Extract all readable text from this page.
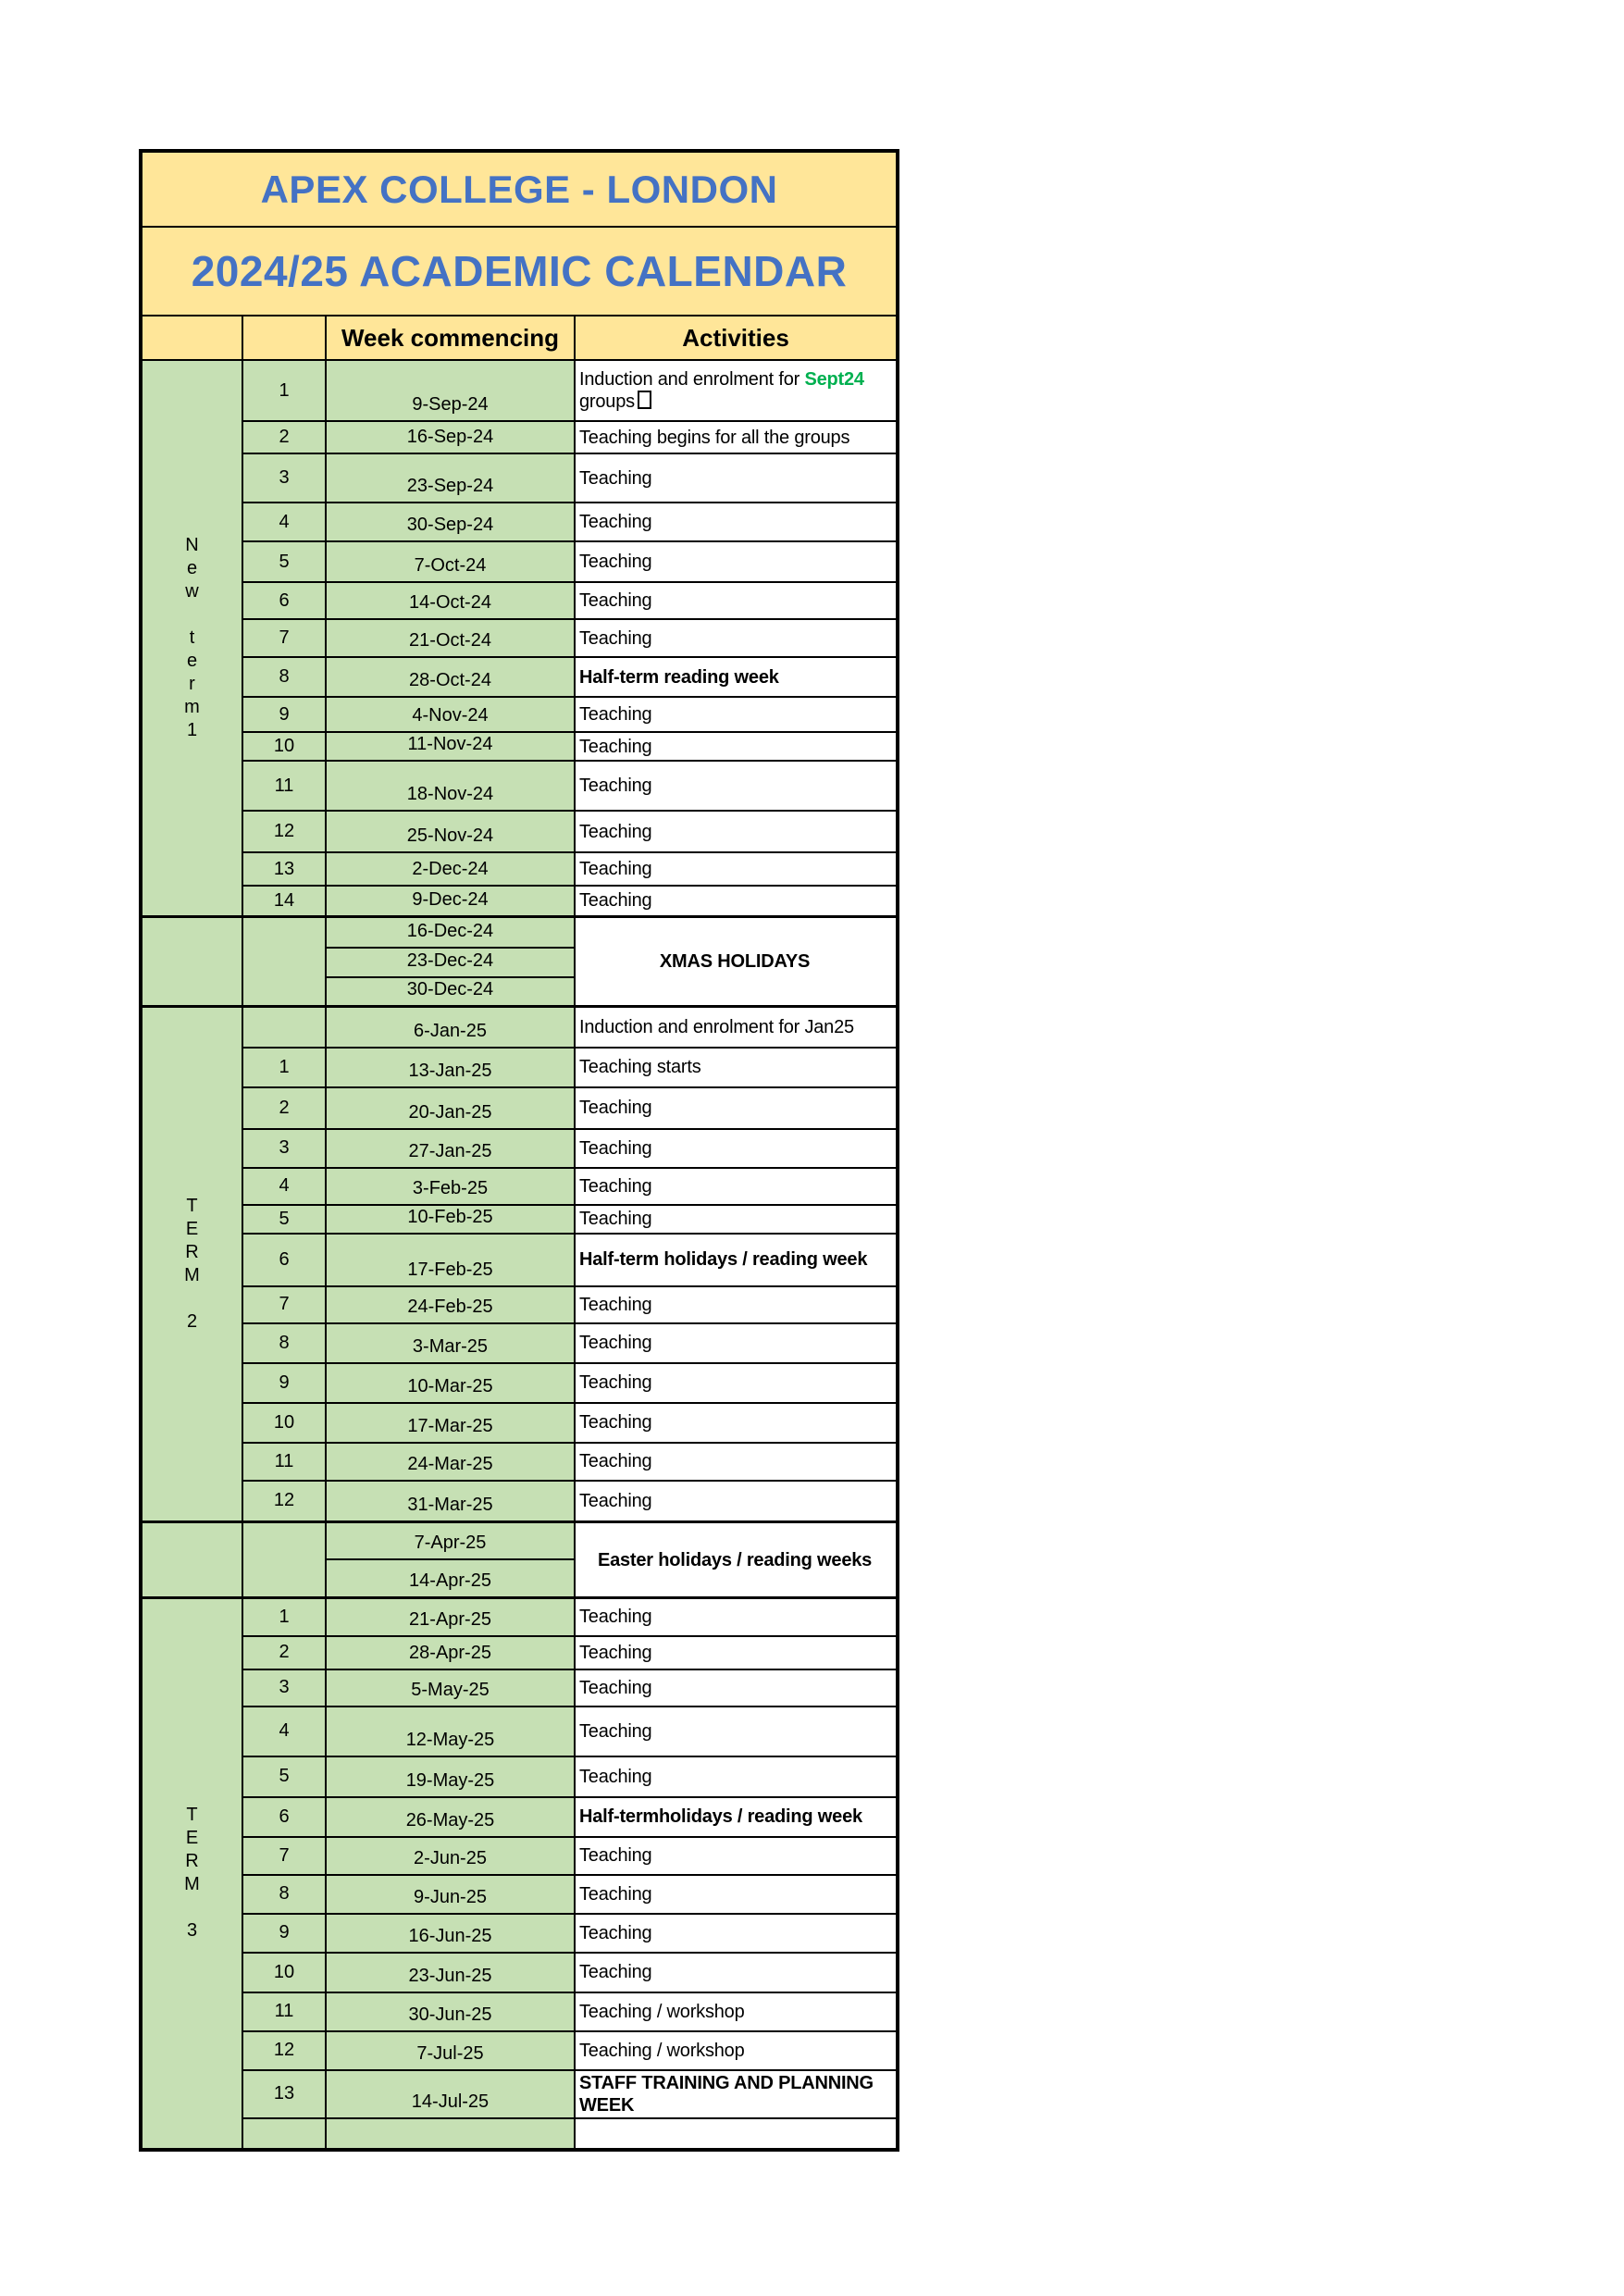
APEX COLLEGE - LONDON			

2024/25 ACADEMIC CALENDAR			

		Week commencing	Activities

N
e
w

t
e
r
m
1
	1	9-Sep-24	Induction and enrolment for Sept24 groups
	2	16-Sep-24	Teaching begins for all the groups
	3	23-Sep-24	Teaching
	4	30-Sep-24	Teaching
	5	7-Oct-24	Teaching
	6	14-Oct-24	Teaching
	7	21-Oct-24	Teaching
	8	28-Oct-24	Half-term reading week
	9	4-Nov-24	Teaching
	10	11-Nov-24	Teaching
	11	18-Nov-24	Teaching
	12	25-Nov-24	Teaching
	13	2-Dec-24	Teaching
	14	9-Dec-24	Teaching
		16-Dec-24	XMAS HOLIDAYS
		23-Dec-24	
		30-Dec-24	

T
E
R
M

2		6-Jan-25	Induction and enrolment for Jan25
	1	13-Jan-25	Teaching starts
	2	20-Jan-25	Teaching
	3	27-Jan-25	Teaching
	4	3-Feb-25	Teaching
	5	10-Feb-25	Teaching
	6	17-Feb-25	Half-term holidays / reading week
	7	24-Feb-25	Teaching
	8	3-Mar-25	Teaching
	9	10-Mar-25	Teaching
	10	17-Mar-25	Teaching
	11	24-Mar-25	Teaching
	12	31-Mar-25	Teaching
		7-Apr-25	Easter holidays / reading weeks
		14-Apr-25	

T
E
R
M

3	1	21-Apr-25	Teaching
	2	28-Apr-25	Teaching
	3	5-May-25	Teaching
	4	12-May-25	Teaching
	5	19-May-25	Teaching
	6	26-May-25	Half-termholidays / reading week
	7	2-Jun-25	Teaching
	8	9-Jun-25	Teaching
	9	16-Jun-25	Teaching
	10	23-Jun-25	Teaching
	11	30-Jun-25	Teaching / workshop
	12	7-Jul-25	Teaching / workshop
	13	14-Jul-25	STAFF TRAINING AND PLANNING WEEK
